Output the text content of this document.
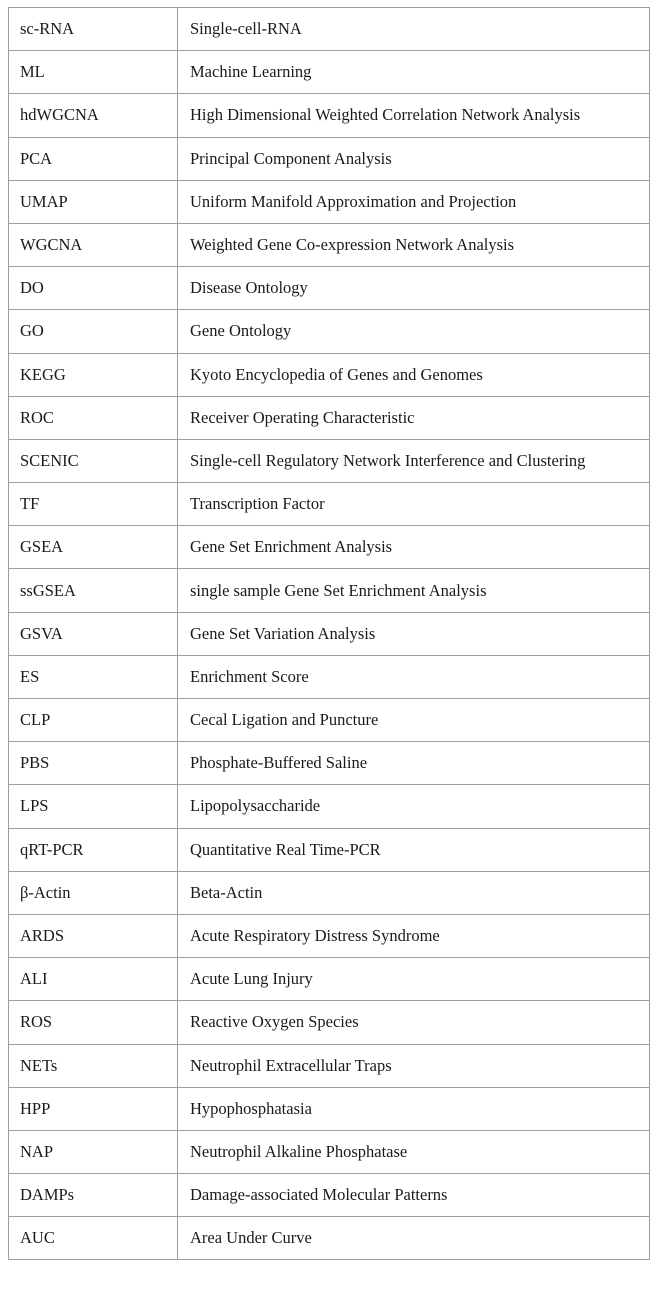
sc-RNA	Single-cell-RNA
ML	Machine Learning
hdWGCNA	High Dimensional Weighted Correlation Network Analysis
PCA	Principal Component Analysis
UMAP	Uniform Manifold Approximation and Projection
WGCNA	Weighted Gene Co-expression Network Analysis
DO	Disease Ontology
GO	Gene Ontology
KEGG	Kyoto Encyclopedia of Genes and Genomes
ROC	Receiver Operating Characteristic
SCENIC	Single-cell Regulatory Network Interference and Clustering
TF	Transcription Factor
GSEA	Gene Set Enrichment Analysis
ssGSEA	single sample Gene Set Enrichment Analysis
GSVA	Gene Set Variation Analysis
ES	Enrichment Score
CLP	Cecal Ligation and Puncture
PBS	Phosphate-Buffered Saline
LPS	Lipopolysaccharide
qRT-PCR	Quantitative Real Time-PCR
β-Actin	Beta-Actin
ARDS	Acute Respiratory Distress Syndrome
ALI	Acute Lung Injury
ROS	Reactive Oxygen Species
NETs	Neutrophil Extracellular Traps
HPP	Hypophosphatasia
NAP	Neutrophil Alkaline Phosphatase
DAMPs	Damage-associated Molecular Patterns
AUC	Area Under Curve
